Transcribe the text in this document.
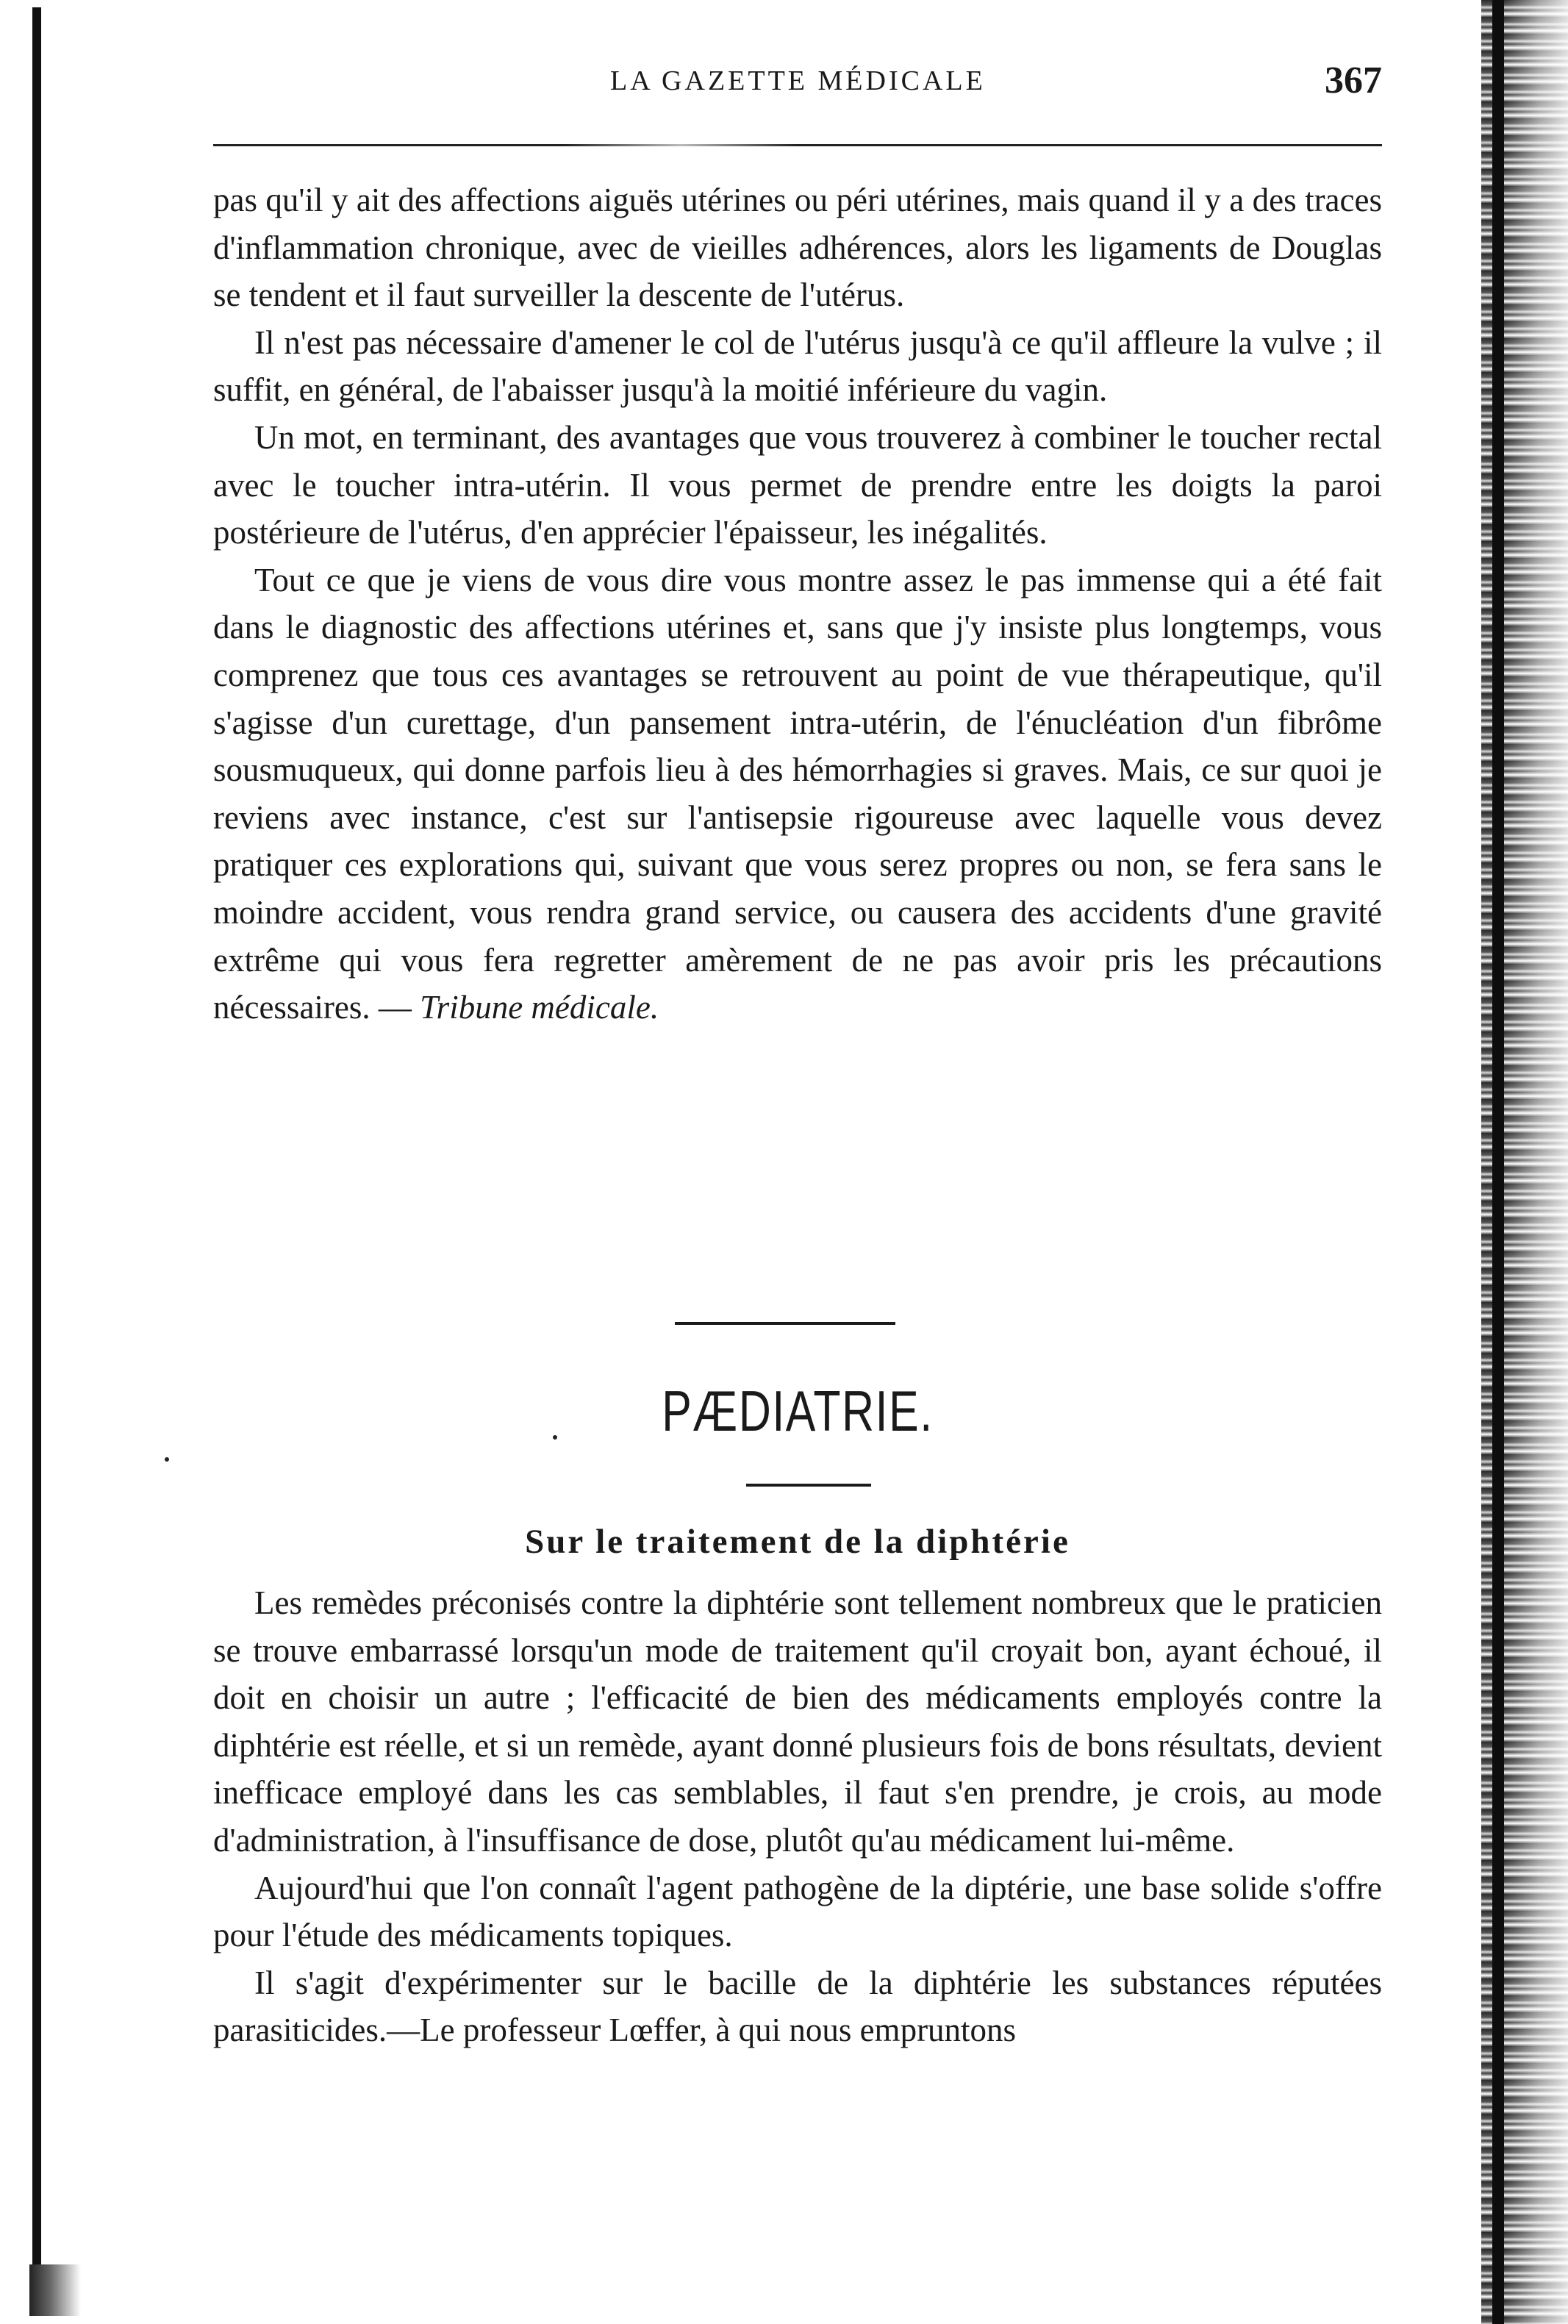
LA GAZETTE MÉDICALE	367

pas qu'il y ait des affections aiguës utérines ou péri utérines, mais quand il y a des traces d'inflammation chronique, avec de vieilles adhérences, alors les ligaments de Douglas se tendent et il faut surveiller la descente de l'utérus.

Il n'est pas nécessaire d'amener le col de l'utérus jusqu'à ce qu'il affleure la vulve ; il suffit, en général, de l'abaisser jusqu'à la moitié inférieure du vagin.

Un mot, en terminant, des avantages que vous trouverez à combiner le toucher rectal avec le toucher intra-utérin. Il vous permet de prendre entre les doigts la paroi postérieure de l'utérus, d'en apprécier l'épaisseur, les inégalités.

Tout ce que je viens de vous dire vous montre assez le pas immense qui a été fait dans le diagnostic des affections utérines et, sans que j'y insiste plus longtemps, vous comprenez que tous ces avantages se retrouvent au point de vue thérapeutique, qu'il s'agisse d'un curettage, d'un pansement intra-utérin, de l'énucléation d'un fibrôme sousmuqueux, qui donne parfois lieu à des hémorrhagies si graves. Mais, ce sur quoi je reviens avec instance, c'est sur l'antisepsie rigoureuse avec laquelle vous devez pratiquer ces explorations qui, suivant que vous serez propres ou non, se fera sans le moindre accident, vous rendra grand service, ou causera des accidents d'une gravité extrême qui vous fera regretter amèrement de ne pas avoir pris les précautions nécessaires. — Tribune médicale.

PÆDIATRIE.
Sur le traitement de la diphtérie

Les remèdes préconisés contre la diphtérie sont tellement nombreux que le praticien se trouve embarrassé lorsqu'un mode de traitement qu'il croyait bon, ayant échoué, il doit en choisir un autre ; l'efficacité de bien des médicaments employés contre la diphtérie est réelle, et si un remède, ayant donné plusieurs fois de bons résultats, devient inefficace employé dans les cas semblables, il faut s'en prendre, je crois, au mode d'administration, à l'insuffisance de dose, plutôt qu'au médicament lui-même.

Aujourd'hui que l'on connaît l'agent pathogène de la diptérie, une base solide s'offre pour l'étude des médicaments topiques.

Il s'agit d'expérimenter sur le bacille de la diphtérie les substances réputées parasiticides.—Le professeur Lœffer, à qui nous empruntons
